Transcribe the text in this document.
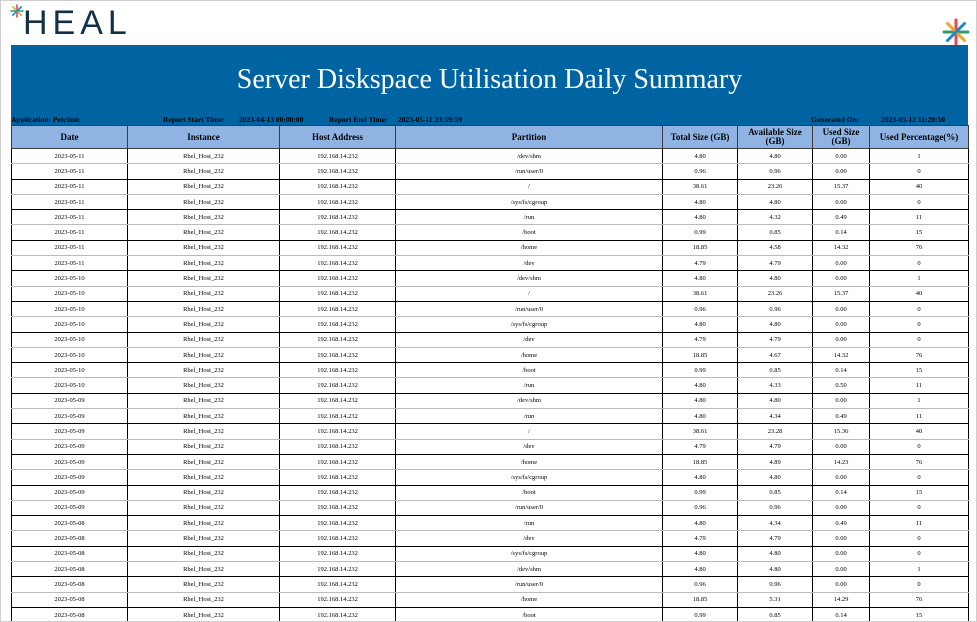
HEAL
Server Diskspace Utilisation Daily Summary
Application: Petclinic	Report Start Time: 2023-04-13 00:00:00	Report End Time: 2023-05-11 23:59:59	Generated On:	2023-05-12 11:20:50
Date	Instance	Host Address	Partition	Total Size (GB)	Available Size (GB)	Used Size (GB)	Used Percentage(%)
2023-05-11	Rhel_Host_232	192.168.14.232	/dev/shm	4.80	4.80	0.00	1
2023-05-11	Rhel_Host_232	192.168.14.232	/run/user/0	0.96	0.96	0.00	0
2023-05-11	Rhel_Host_232	192.168.14.232	/	38.61	23.26	15.37	40
2023-05-11	Rhel_Host_232	192.168.14.232	/sys/fs/cgroup	4.80	4.80	0.00	0
2023-05-11	Rhel_Host_232	192.168.14.232	/run	4.80	4.32	0.49	11
2023-05-11	Rhel_Host_232	192.168.14.232	/boot	0.99	0.85	0.14	15
2023-05-11	Rhel_Host_232	192.168.14.232	/home	18.85	4.58	14.32	76
2023-05-11	Rhel_Host_232	192.168.14.232	/dev	4.79	4.79	0.00	0
2023-05-10	Rhel_Host_232	192.168.14.232	/dev/shm	4.80	4.80	0.00	1
2023-05-10	Rhel_Host_232	192.168.14.232	/	38.61	23.26	15.37	40
2023-05-10	Rhel_Host_232	192.168.14.232	/run/user/0	0.96	0.96	0.00	0
2023-05-10	Rhel_Host_232	192.168.14.232	/sys/fs/cgroup	4.80	4.80	0.00	0
2023-05-10	Rhel_Host_232	192.168.14.232	/dev	4.79	4.79	0.00	0
2023-05-10	Rhel_Host_232	192.168.14.232	/home	18.85	4.67	14.32	76
2023-05-10	Rhel_Host_232	192.168.14.232	/boot	0.99	0.85	0.14	15
2023-05-10	Rhel_Host_232	192.168.14.232	/run	4.80	4.33	0.50	11
2023-05-09	Rhel_Host_232	192.168.14.232	/dev/shm	4.80	4.80	0.00	1
2023-05-09	Rhel_Host_232	192.168.14.232	/run	4.80	4.34	0.49	11
2023-05-09	Rhel_Host_232	192.168.14.232	/	38.61	23.28	15.36	40
2023-05-09	Rhel_Host_232	192.168.14.232	/dev	4.79	4.79	0.00	0
2023-05-09	Rhel_Host_232	192.168.14.232	/home	18.85	4.89	14.23	76
2023-05-09	Rhel_Host_232	192.168.14.232	/sys/fs/cgroup	4.80	4.80	0.00	0
2023-05-09	Rhel_Host_232	192.168.14.232	/boot	0.99	0.85	0.14	15
2023-05-09	Rhel_Host_232	192.168.14.232	/run/user/0	0.96	0.96	0.00	0
2023-05-08	Rhel_Host_232	192.168.14.232	/run	4.80	4.34	0.49	11
2023-05-08	Rhel_Host_232	192.168.14.232	/dev	4.79	4.79	0.00	0
2023-05-08	Rhel_Host_232	192.168.14.232	/sys/fs/cgroup	4.80	4.80	0.00	0
2023-05-08	Rhel_Host_232	192.168.14.232	/dev/shm	4.80	4.80	0.00	1
2023-05-08	Rhel_Host_232	192.168.14.232	/run/user/0	0.96	0.96	0.00	0
2023-05-08	Rhel_Host_232	192.168.14.232	/home	18.85	5.31	14.29	76
2023-05-08	Rhel_Host_232	192.168.14.232	/boot	0.99	0.85	0.14	15
